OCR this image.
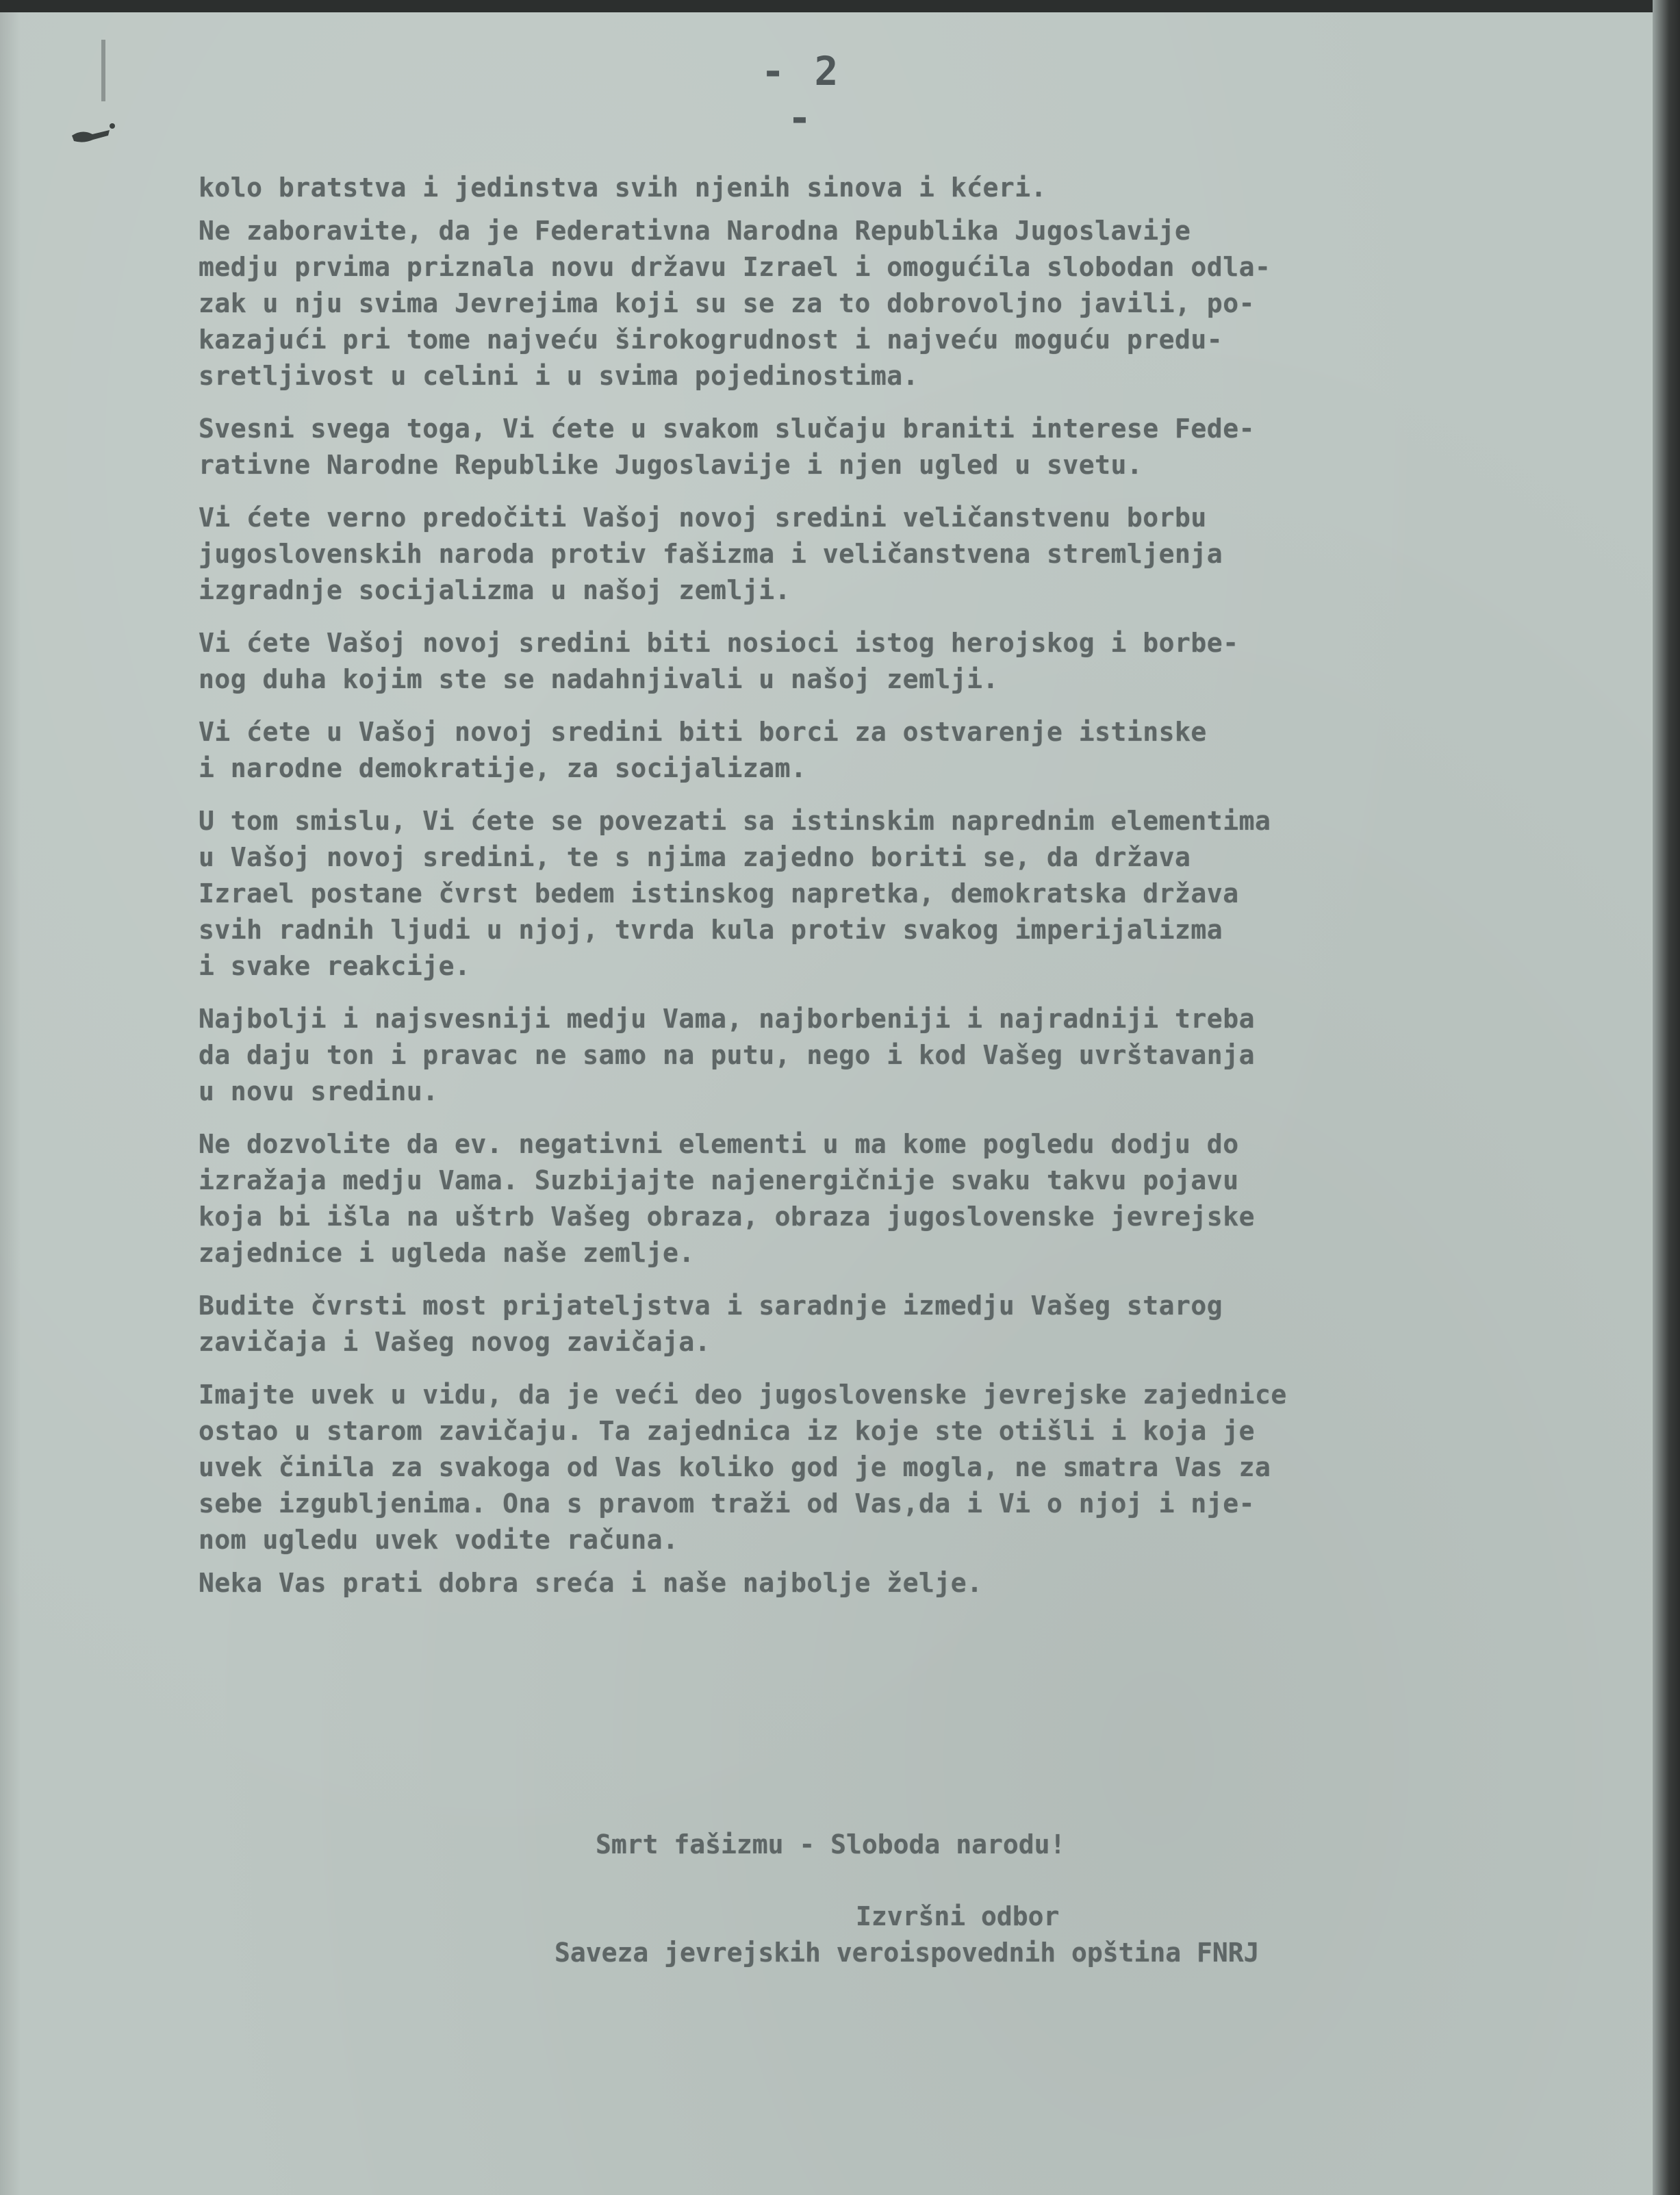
- 2 -

kolo bratstva i jedinstva svih njenih sinova i kćeri.

Ne zaboravite, da je Federativna Narodna Republika Jugoslavije
medju prvima priznala novu državu Izrael i omogućila slobodan odla-
zak u nju svima Jevrejima koji su se za to dobrovoljno javili, po-
kazajući pri tome najveću širokogrudnost i najveću moguću predu-
sretljivost u celini i u svima pojedinostima.

Svesni svega toga, Vi ćete u svakom slučaju braniti interese Fede-
rativne Narodne Republike Jugoslavije i njen ugled u svetu.

Vi ćete verno predočiti Vašoj novoj sredini veličanstvenu borbu
jugoslovenskih naroda protiv fašizma i veličanstvena stremljenja
izgradnje socijalizma u našoj zemlji.

Vi ćete Vašoj novoj sredini biti nosioci istog herojskog i borbe-
nog duha kojim ste se nadahnjivali u našoj zemlji.

Vi ćete u Vašoj novoj sredini biti borci za ostvarenje istinske
i narodne demokratije, za socijalizam.

U tom smislu, Vi ćete se povezati sa istinskim naprednim elementima
u Vašoj novoj sredini, te s njima zajedno boriti se, da država
Izrael postane čvrst bedem istinskog napretka, demokratska država
svih radnih ljudi u njoj, tvrda kula protiv svakog imperijalizma
i svake reakcije.

Najbolji i najsvesniji medju Vama, najborbeniji i najradniji treba
da daju ton i pravac ne samo na putu, nego i kod Vašeg uvrštavanja
u novu sredinu.

Ne dozvolite da ev. negativni elementi u ma kome pogledu dodju do
izražaja medju Vama. Suzbijajte najenergičnije svaku takvu pojavu
koja bi išla na uštrb Vašeg obraza, obraza jugoslovenske jevrejske
zajednice i ugleda naše zemlje.

Budite čvrsti most prijateljstva i saradnje izmedju Vašeg starog
zavičaja i Vašeg novog zavičaja.

Imajte uvek u vidu, da je veći deo jugoslovenske jevrejske zajednice
ostao u starom zavičaju. Ta zajednica iz koje ste otišli i koja je
uvek činila za svakoga od Vas koliko god je mogla, ne smatra Vas za
sebe izgubljenima. Ona s pravom traži od Vas,da i Vi o njoj i nje-
nom ugledu uvek vodite računa.

Neka Vas prati dobra sreća i naše najbolje želje.

Smrt fašizmu - Sloboda narodu!
Izvršni odbor
Saveza jevrejskih veroispovednih opština FNRJ
